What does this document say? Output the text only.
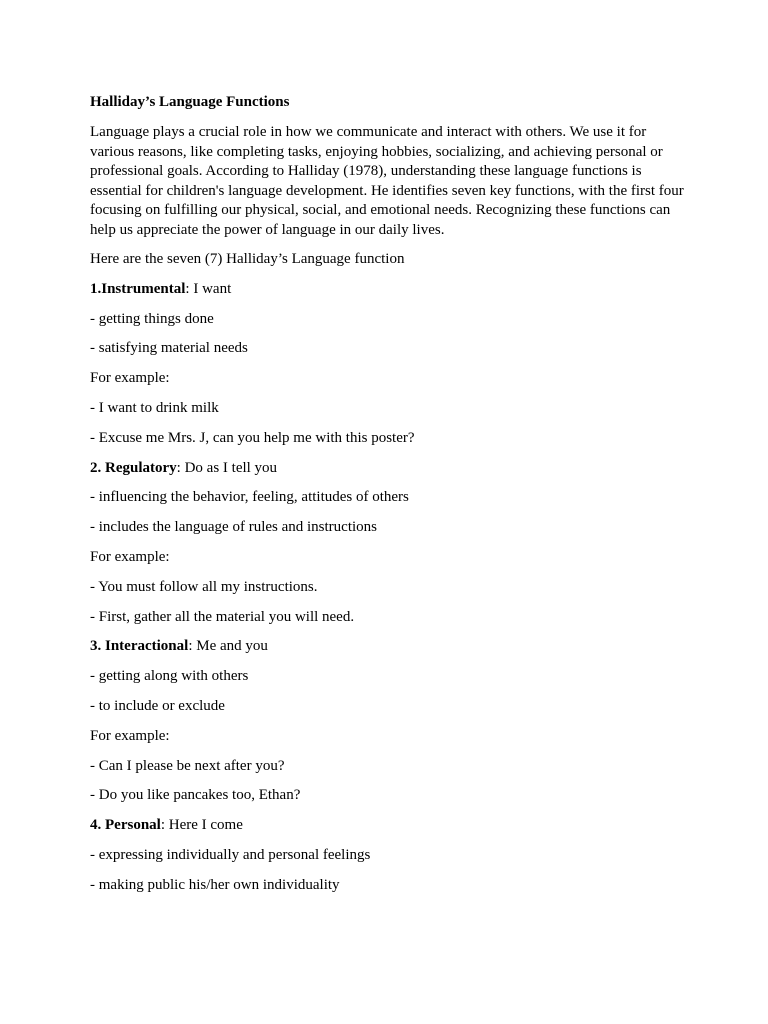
Halliday’s Language Functions

Language plays a crucial role in how we communicate and interact with others. We use it for various reasons, like completing tasks, enjoying hobbies, socializing, and achieving personal or professional goals. According to Halliday (1978), understanding these language functions is essential for children's language development. He identifies seven key functions, with the first four focusing on fulfilling our physical, social, and emotional needs. Recognizing these functions can help us appreciate the power of language in our daily lives.

Here are the seven (7) Halliday’s Language function

1.Instrumental: I want

- getting things done

- satisfying material needs

For example:

- I want to drink milk

- Excuse me Mrs. J, can you help me with this poster?

2. Regulatory: Do as I tell you

- influencing the behavior, feeling, attitudes of others

- includes the language of rules and instructions

For example:

- You must follow all my instructions.

- First, gather all the material you will need.

3. Interactional: Me and you

- getting along with others

- to include or exclude

For example:

- Can I please be next after you?

- Do you like pancakes too, Ethan?

4. Personal: Here I come

- expressing individually and personal feelings

- making public his/her own individuality
